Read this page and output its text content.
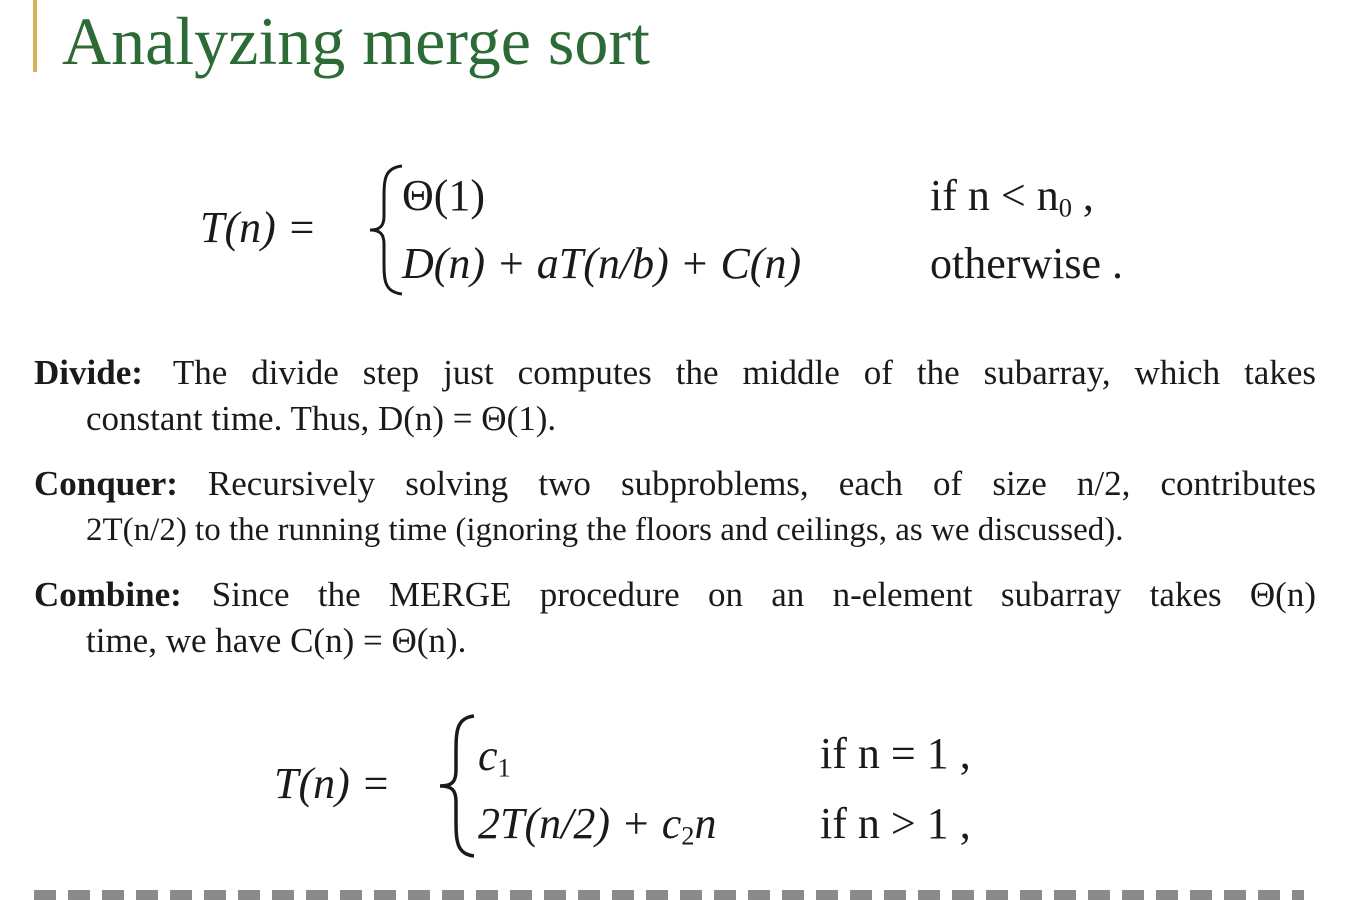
Analyzing merge sort
T(n) =
Θ(1)	if $n < n_0$ ,
D(n) + aT(n/b) + C(n)	otherwise .
Divide: The divide step just computes the middle of the subarray, which takes
constant time. Thus, D(n) = Θ(1).
Conquer: Recursively solving two subproblems, each of size n/2, contributes
2T(n/2) to the running time (ignoring the floors and ceilings, as we discussed).
Combine: Since the MERGE procedure on an n-element subarray takes Θ(n)
time, we have C(n) = Θ(n).
T(n) =
$c_1$	if n = 1 ,
$2T(n/2) + c_2n$ if n > 1 ,
